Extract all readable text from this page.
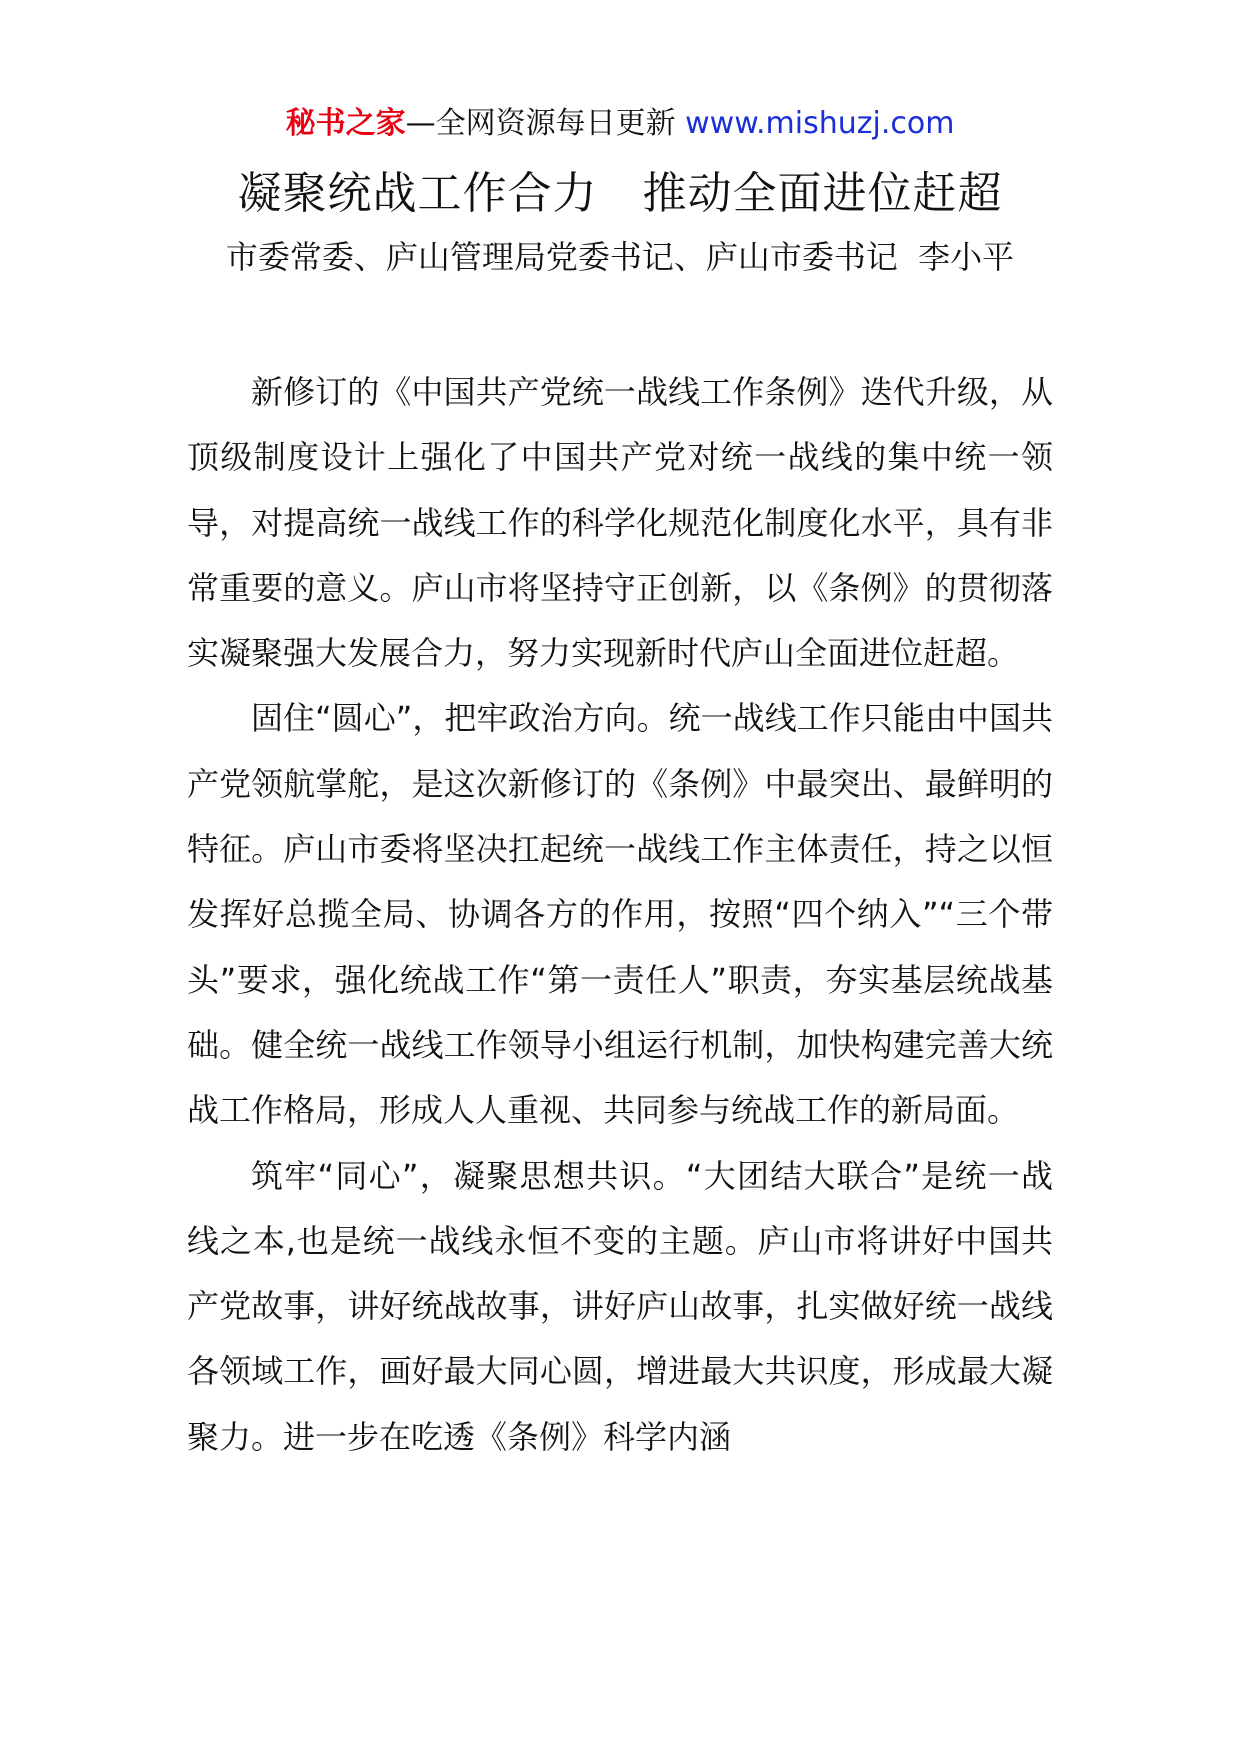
秘书之家—全网资源每日更新 www.mishuzj.com
凝聚统战工作合力　推动全面进位赶超
市委常委、庐山管理局党委书记、庐山市委书记  李小平

新修订的《中国共产党统一战线工作条例》迭代升级，从顶级制度设计上强化了中国共产党对统一战线的集中统一领导，对提高统一战线工作的科学化规范化制度化水平，具有非常重要的意义。庐山市将坚持守正创新，以《条例》的贯彻落实凝聚强大发展合力，努力实现新时代庐山全面进位赶超。

固住“圆心”，把牢政治方向。统一战线工作只能由中国共产党领航掌舵，是这次新修订的《条例》中最突出、最鲜明的特征。庐山市委将坚决扛起统一战线工作主体责任，持之以恒发挥好总揽全局、协调各方的作用，按照“四个纳入”“三个带头”要求，强化统战工作“第一责任人”职责，夯实基层统战基础。健全统一战线工作领导小组运行机制，加快构建完善大统战工作格局，形成人人重视、共同参与统战工作的新局面。

筑牢“同心”，凝聚思想共识。“大团结大联合”是统一战线之本,也是统一战线永恒不变的主题。庐山市将讲好中国共产党故事，讲好统战故事，讲好庐山故事，扎实做好统一战线各领域工作，画好最大同心圆，增进最大共识度，形成最大凝聚力。进一步在吃透《条例》科学内涵
